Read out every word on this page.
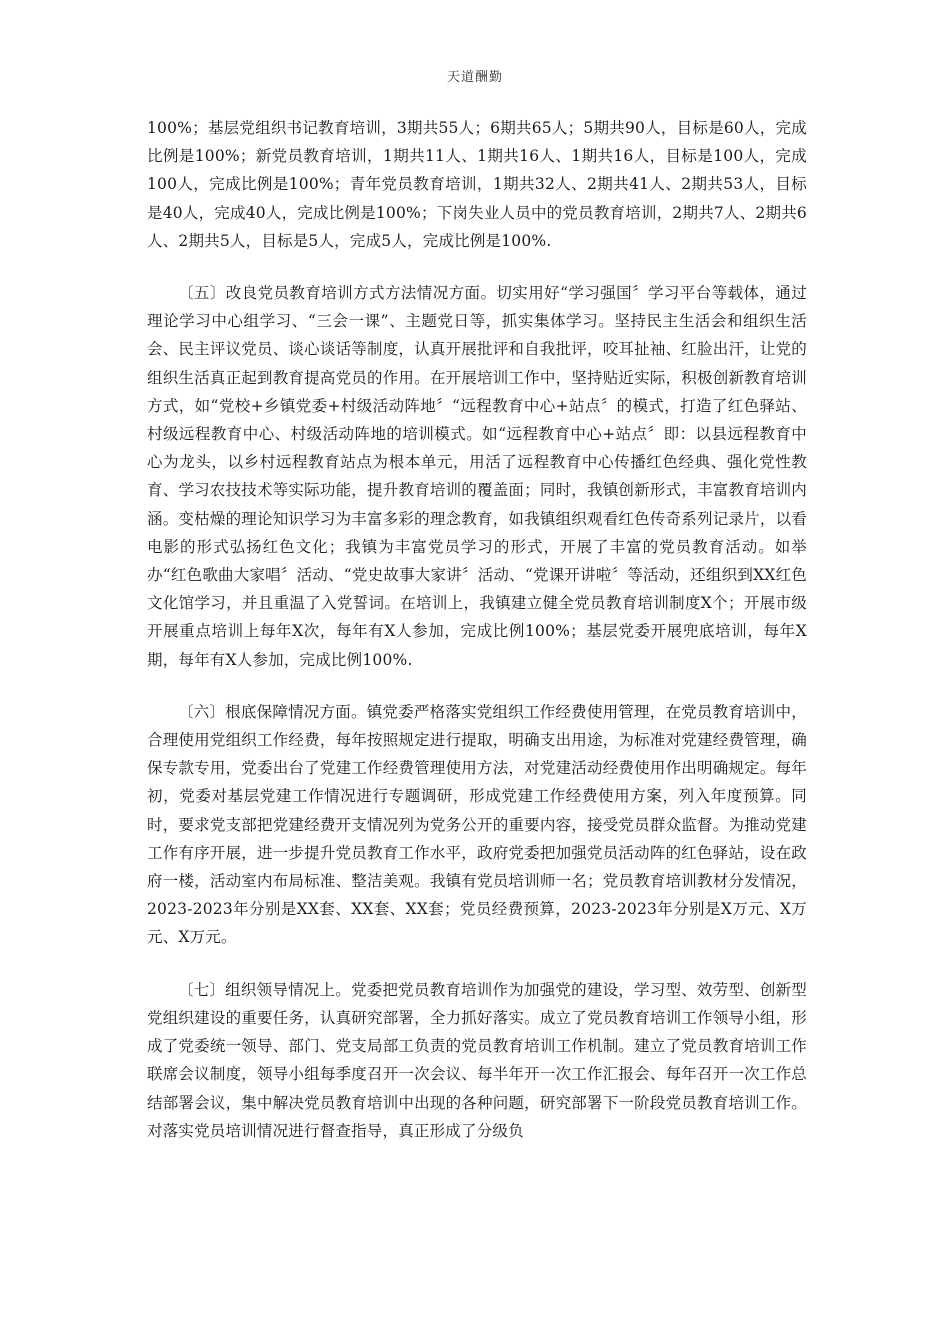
天道酬勤

100%；基层党组织书记教育培训，3期共55人；6期共65人；5期共90人，目标是60人，完成比例是100%；新党员教育培训，1期共11人、1期共16人、1期共16人，目标是100人，完成100人，完成比例是100%；青年党员教育培训，1期共32人、2期共41人、2期共53人，目标是40人，完成40人，完成比例是100%；下岗失业人员中的党员教育培训，2期共7人、2期共6人、2期共5人，目标是5人，完成5人，完成比例是100%.

〔五〕改良党员教育培训方式方法情况方面。切实用好“学习强国〞学习平台等载体，通过理论学习中心组学习、“三会一课”、主题党日等，抓实集体学习。坚持民主生活会和组织生活会、民主评议党员、谈心谈话等制度，认真开展批评和自我批评，咬耳扯袖、红脸出汗，让党的组织生活真正起到教育提高党员的作用。在开展培训工作中，坚持贴近实际，积极创新教育培训方式，如“党校+乡镇党委+村级活动阵地〞“远程教育中心+站点〞的模式，打造了红色驿站、村级远程教育中心、村级活动阵地的培训模式。如“远程教育中心+站点〞即：以县远程教育中心为龙头，以乡村远程教育站点为根本单元，用活了远程教育中心传播红色经典、强化党性教育、学习农技技术等实际功能，提升教育培训的覆盖面；同时，我镇创新形式，丰富教育培训内涵。变枯燥的理论知识学习为丰富多彩的理念教育，如我镇组织观看红色传奇系列记录片，以看电影的形式弘扬红色文化；我镇为丰富党员学习的形式，开展了丰富的党员教育活动。如举办“红色歌曲大家唱〞活动、“党史故事大家讲〞活动、“党课开讲啦〞等活动，还组织到XX红色文化馆学习，并且重温了入党誓词。在培训上，我镇建立健全党员教育培训制度X个；开展市级开展重点培训上每年X次，每年有X人参加，完成比例100%；基层党委开展兜底培训，每年X期，每年有X人参加，完成比例100%.

〔六〕根底保障情况方面。镇党委严格落实党组织工作经费使用管理，在党员教育培训中，合理使用党组织工作经费，每年按照规定进行提取，明确支出用途，为标准对党建经费管理，确保专款专用，党委出台了党建工作经费管理使用方法，对党建活动经费使用作出明确规定。每年初，党委对基层党建工作情况进行专题调研，形成党建工作经费使用方案，列入年度预算。同时，要求党支部把党建经费开支情况列为党务公开的重要内容，接受党员群众监督。为推动党建工作有序开展，进一步提升党员教育工作水平，政府党委把加强党员活动阵的红色驿站，设在政府一楼，活动室内布局标准、整洁美观。我镇有党员培训师一名；党员教育培训教材分发情况，2023-2023年分别是XX套、XX套、XX套；党员经费预算，2023-2023年分别是X万元、X万元、X万元。

〔七〕组织领导情况上。党委把党员教育培训作为加强党的建设，学习型、效劳型、创新型党组织建设的重要任务，认真研究部署，全力抓好落实。成立了党员教育培训工作领导小组，形成了党委统一领导、部门、党支局部工负责的党员教育培训工作机制。建立了党员教育培训工作联席会议制度，领导小组每季度召开一次会议、每半年开一次工作汇报会、每年召开一次工作总结部署会议，集中解决党员教育培训中出现的各种问题，研究部署下一阶段党员教育培训工作。对落实党员培训情况进行督查指导，真正形成了分级负
